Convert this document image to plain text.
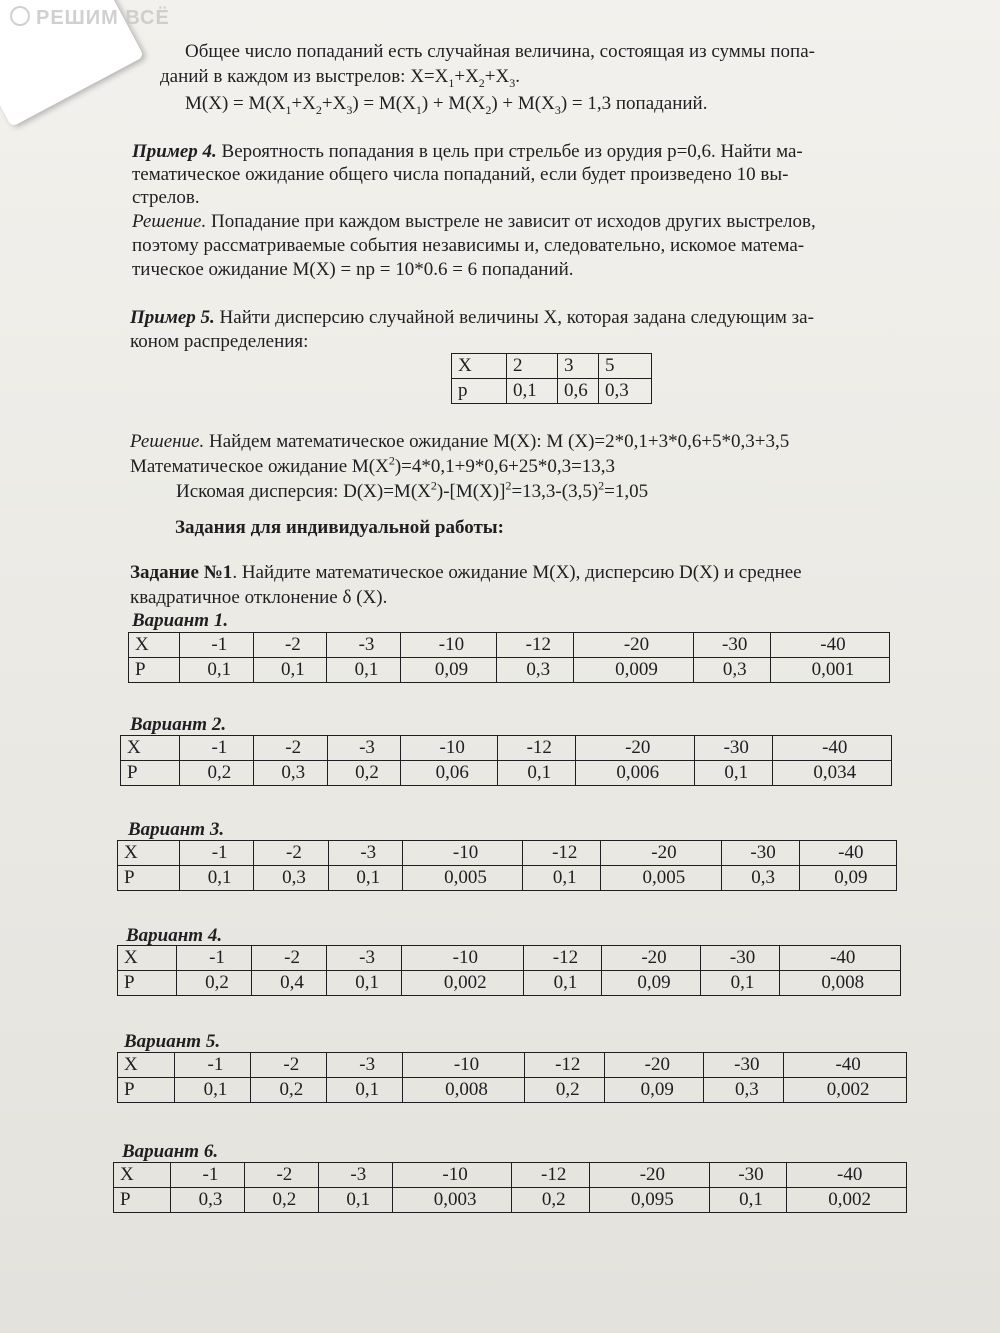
РЕШИМ ВСЁ
Общее число попаданий есть случайная величина, состоящая из суммы попа-
даний в каждом из выстрелов: $X=X_1+X_2+X_3$.
$M(X) = M(X_1+X_2+X_3) = M(X_1) + M(X_2) + M(X_3) = 1,3$ попаданий.
Пример 4. Вероятность попадания в цель при стрельбе из орудия p=0,6. Найти ма-
тематическое ожидание общего числа попаданий, если будет произведено 10 вы-
стрелов.
Решение. Попадание при каждом выстреле не зависит от исходов других выстрелов,
поэтому рассматриваемые события независимы и, следовательно, искомое матема-
тическое ожидание M(X) = np = 10*0.6 = 6 попаданий.
Пример 5. Найти дисперсию случайной величины X, которая задана следующим за-
коном распределения:
X	2	3	5
p	0,1	0,6	0,3
Решение. Найдем математическое ожидание M(X): M (X)=2*0,1+3*0,6+5*0,3+3,5
Математическое ожидание $M(X^2)=4*0,1+9*0,6+25*0,3=13,3$
Искомая дисперсия: $D(X)=M(X^2)-[M(X)]^2=13,3-(3,5)^2=1,05$
Задания для индивидуальной работы:
Задание №1. Найдите математическое ожидание M(X), дисперсию D(X) и среднее
квадратичное отклонение δ (X).
Вариант 1.
X	-1	-2	-3	-10	-12	-20	-30	-40
P	0,1	0,1	0,1	0,09	0,3	0,009	0,3	0,001
Вариант 2.
X	-1	-2	-3	-10	-12	-20	-30	-40
P	0,2	0,3	0,2	0,06	0,1	0,006	0,1	0,034
Вариант 3.
X	-1	-2	-3	-10	-12	-20	-30	-40
P	0,1	0,3	0,1	0,005	0,1	0,005	0,3	0,09
Вариант 4.
X	-1	-2	-3	-10	-12	-20	-30	-40
P	0,2	0,4	0,1	0,002	0,1	0,09	0,1	0,008
Вариант 5.
X	-1	-2	-3	-10	-12	-20	-30	-40
P	0,1	0,2	0,1	0,008	0,2	0,09	0,3	0,002
Вариант 6.
X	-1	-2	-3	-10	-12	-20	-30	-40
P	0,3	0,2	0,1	0,003	0,2	0,095	0,1	0,002
